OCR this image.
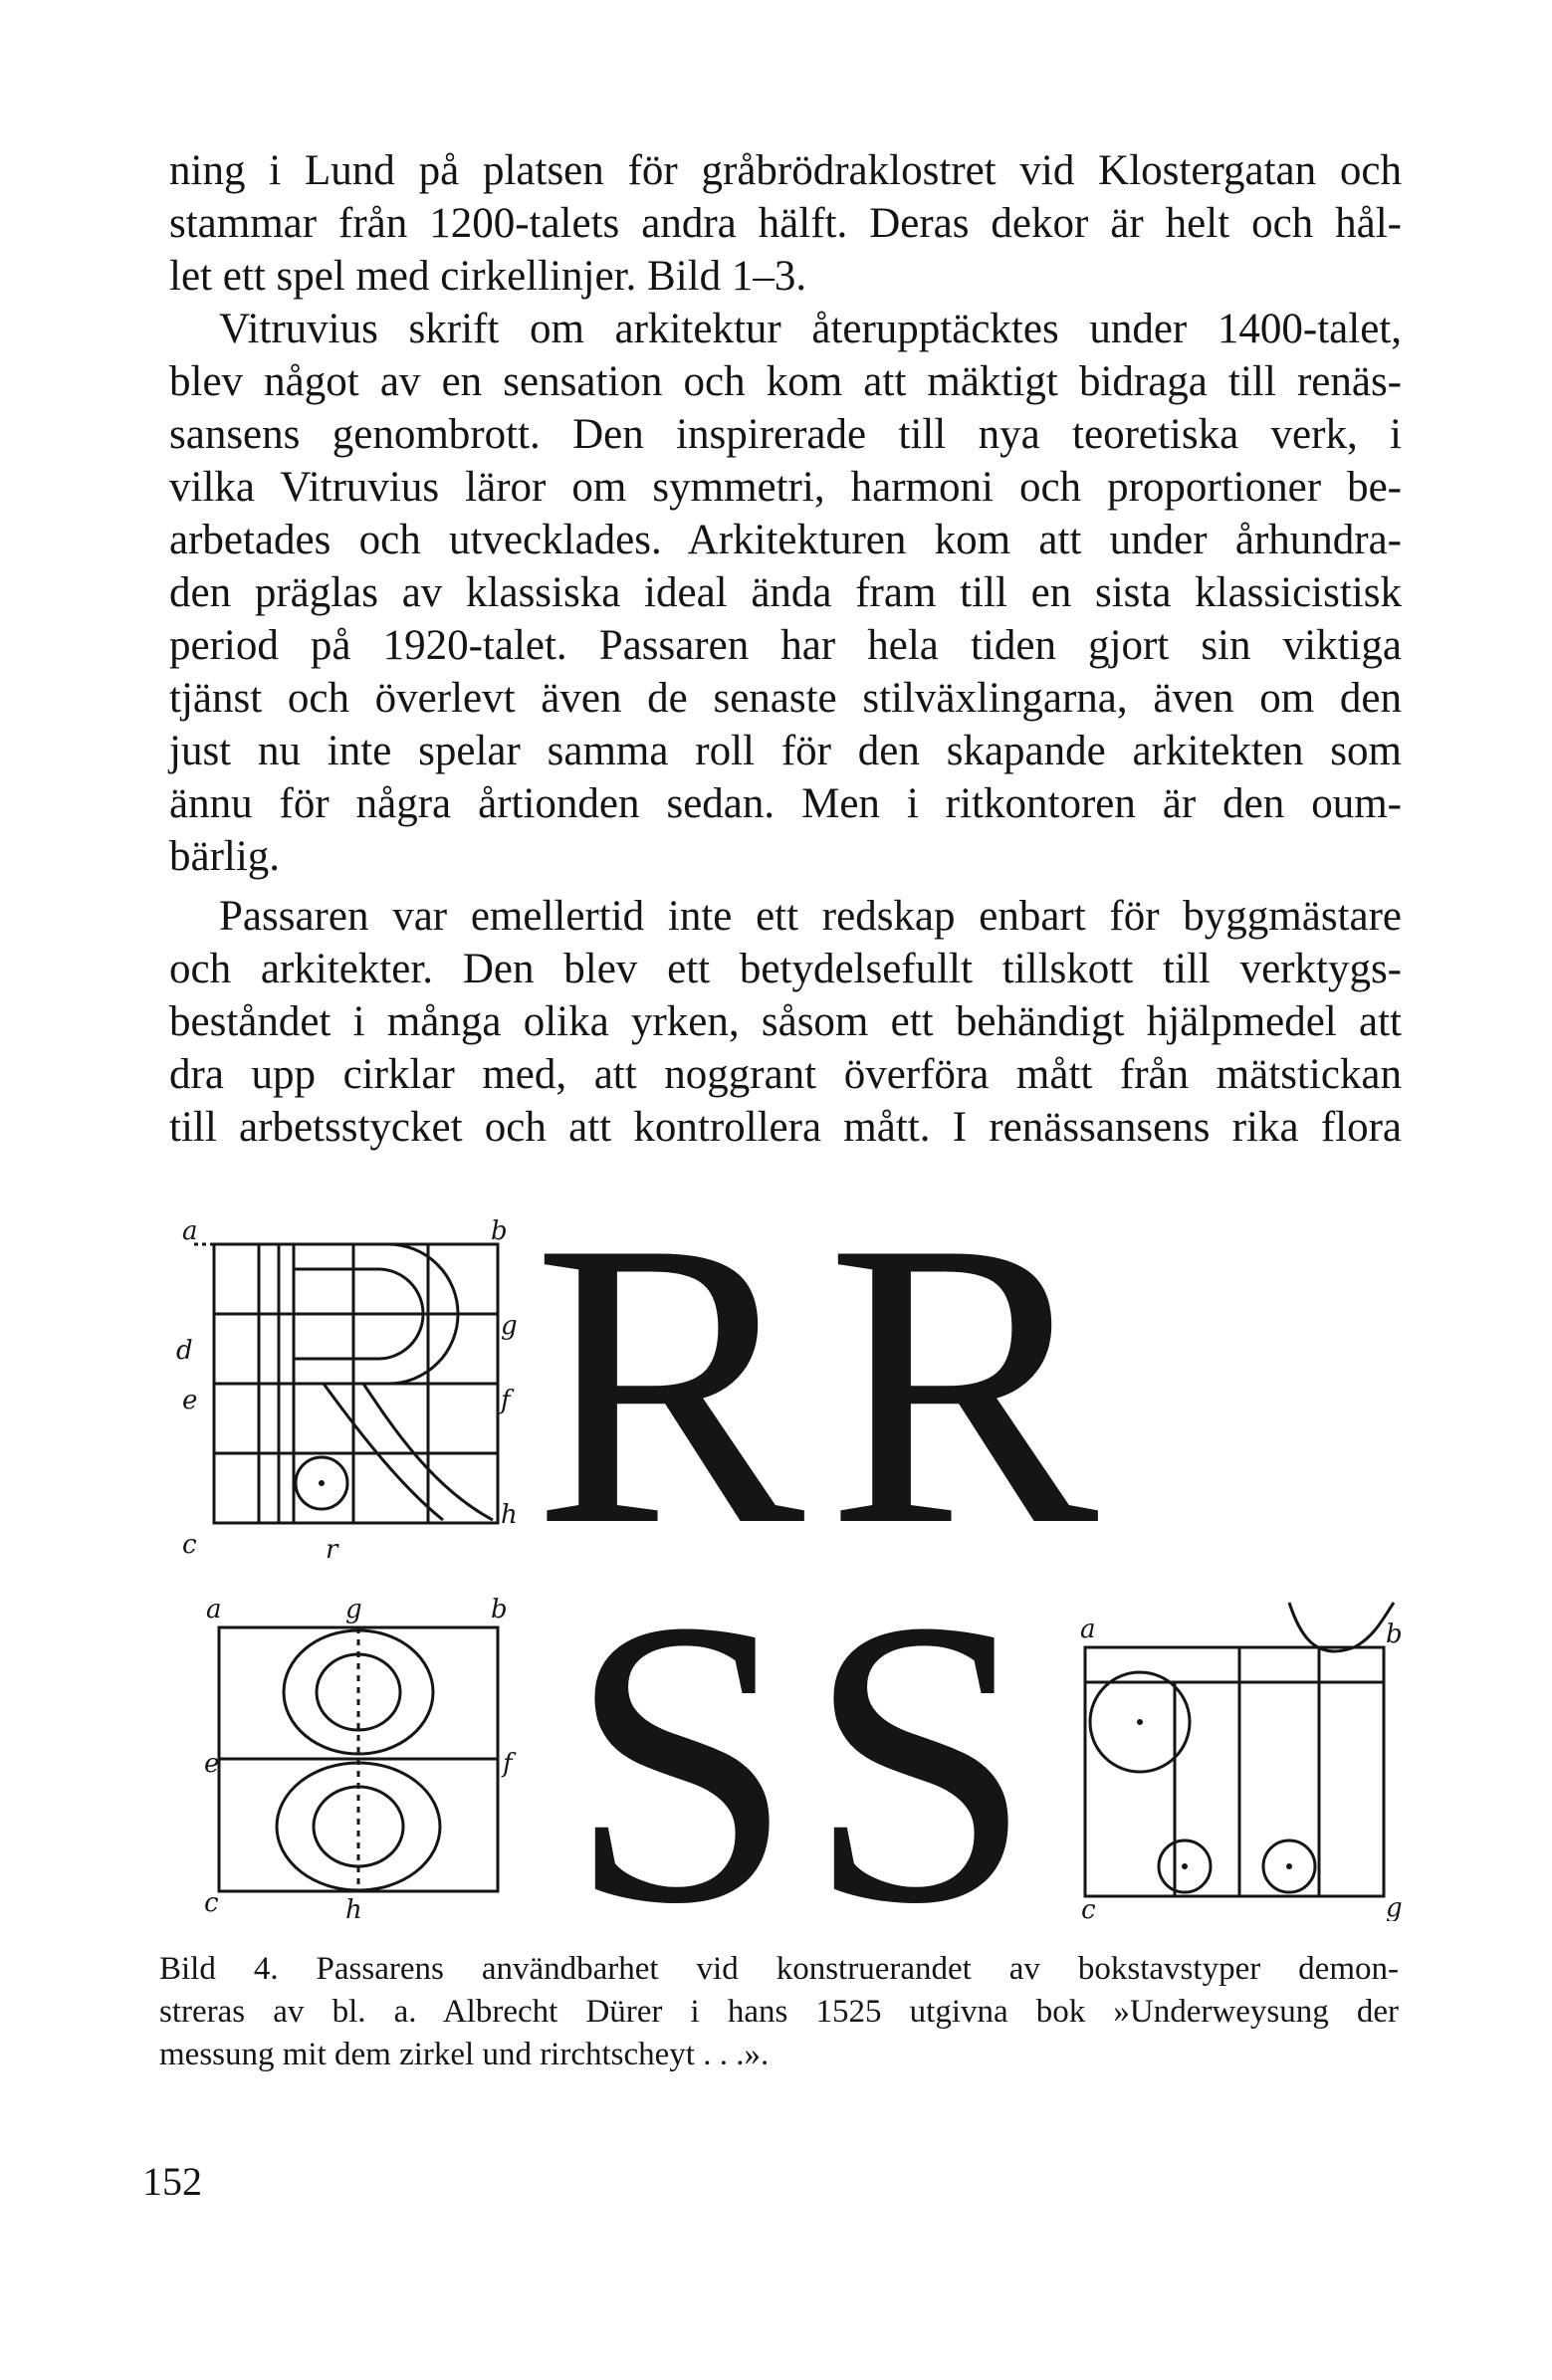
ning i Lund på platsen för gråbrödraklostret vid Klostergatan och
stammar från 1200-talets andra hälft. Deras dekor är helt och hål-
let ett spel med cirkellinjer. Bild 1–3.
Vitruvius skrift om arkitektur återupptäcktes under 1400-talet,
blev något av en sensation och kom att mäktigt bidraga till renäs-
sansens genombrott. Den inspirerade till nya teoretiska verk, i
vilka Vitruvius läror om symmetri, harmoni och proportioner be-
arbetades och utvecklades. Arkitekturen kom att under århundra-
den präglas av klassiska ideal ända fram till en sista klassicistisk
period på 1920-talet. Passaren har hela tiden gjort sin viktiga
tjänst och överlevt även de senaste stilväxlingarna, även om den
just nu inte spelar samma roll för den skapande arkitekten som
ännu för några årtionden sedan. Men i ritkontoren är den oum-
bärlig.
Passaren var emellertid inte ett redskap enbart för byggmästare
och arkitekter. Den blev ett betydelsefullt tillskott till verktygs-
beståndet i många olika yrken, såsom ett behändigt hjälpmedel att
dra upp cirklar med, att noggrant överföra mått från mätstickan
till arbetsstycket och att kontrollera mått. I renässansens rika flora
a	b
d
e
g
f
h
c	r
a	g	b
e	f
c	h
a	b
c	g
R R
S S
Bild 4. Passarens användbarhet vid konstruerandet av bokstavstyper demon-
streras av bl. a. Albrecht Dürer i hans 1525 utgivna bok »Underweysung der
messung mit dem zirkel und rirchtscheyt . . .».
152
